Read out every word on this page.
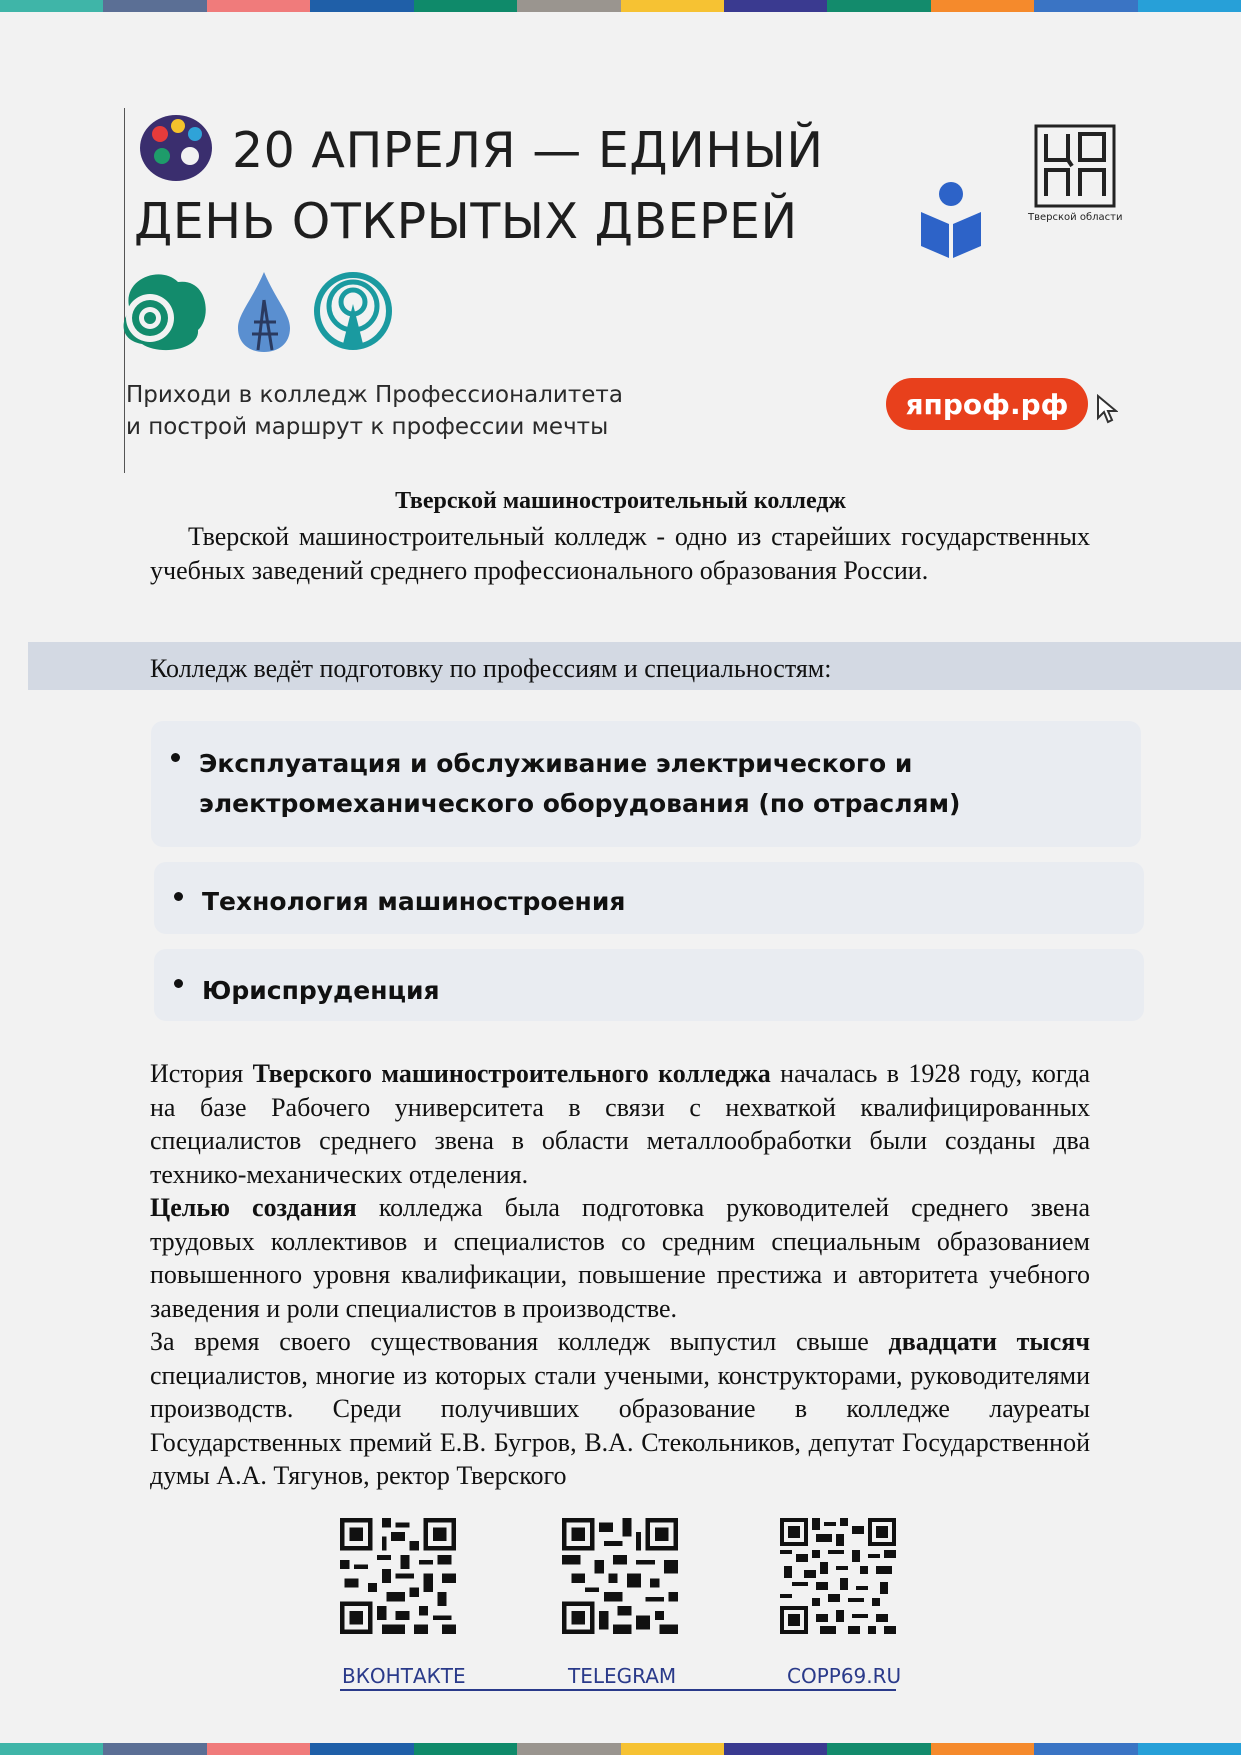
20 АПРЕЛЯ — ЕДИНЫЙ
ДЕНЬ ОТКРЫТЫХ ДВЕРЕЙ	Тверской области
Приходи в колледж Профессионалитета
и построй маршрут к профессии мечты
япроф.рф
Тверской машиностроительный колледж
Тверской машиностроительный колледж - одно из старейших государственных учебных заведений среднего профессионального образования России.
Колледж ведёт подготовку по профессиям и специальностям:
Эксплуатация и обслуживание электрического и
электромеханического оборудования (по отраслям)
Технология машиностроения
Юриспруденция
История Тверского машиностроительного колледжа началась в 1928 году, когда на базе Рабочего университета в связи с нехваткой квалифицированных специалистов среднего звена в области металлообработки были созданы два технико-механических отделения.
Целью создания колледжа была подготовка руководителей среднего звена трудовых коллективов и специалистов со средним специальным образованием повышенного уровня квалификации, повышение престижа и авторитета учебного заведения и роли специалистов в производстве.
За время своего существования колледж выпустил свыше двадцати тысяч специалистов, многие из которых стали учеными, конструкторами, руководителями производств. Среди получивших образование в колледже лауреаты Государственных премий Е.В. Бугров, В.А. Стекольников, депутат Государственной думы А.А. Тягунов, ректор Тверского
ВКОНТАКТЕ	TELEGRAM	COPP69.RU
